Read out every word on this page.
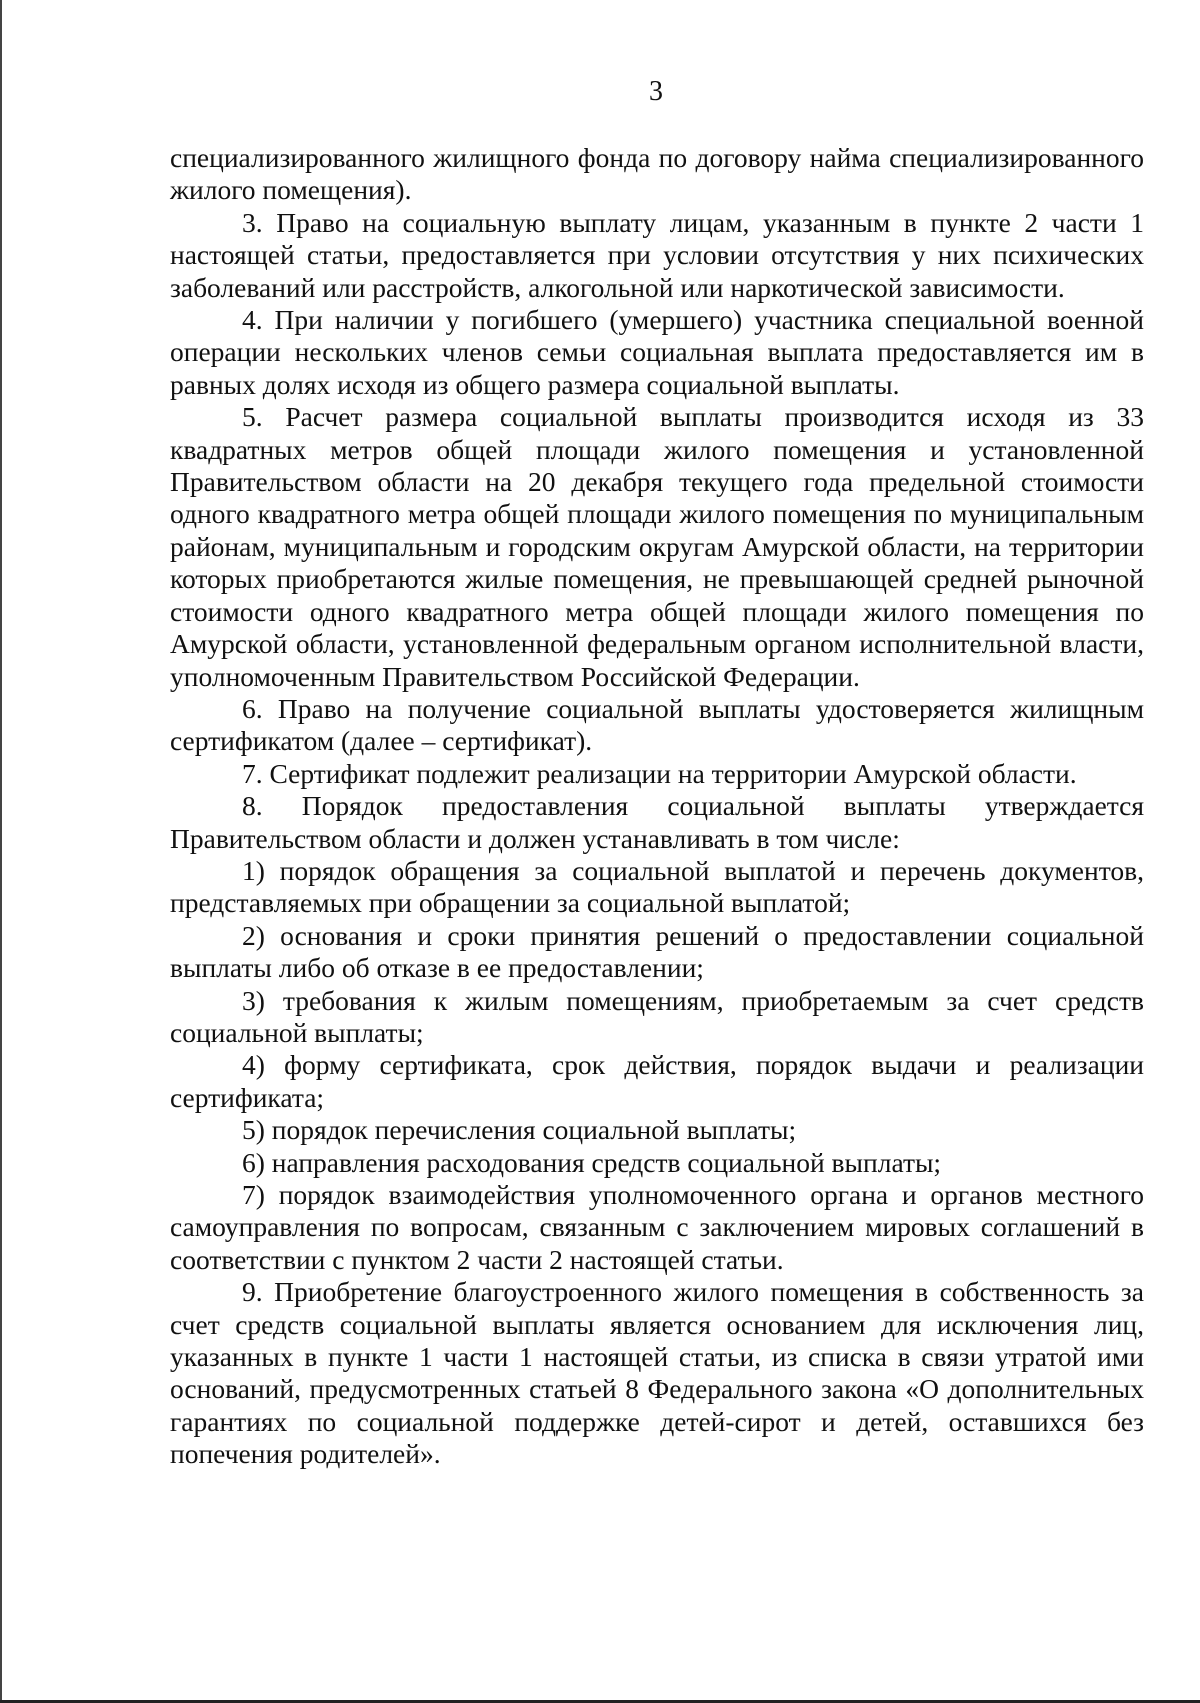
3

специализированного жилищного фонда по договору найма специализированного жилого помещения).

3. Право на социальную выплату лицам, указанным в пункте 2 части 1 настоящей статьи, предоставляется при условии отсутствия у них психических заболеваний или расстройств, алкогольной или наркотической зависимости.

4. При наличии у погибшего (умершего) участника специальной военной операции нескольких членов семьи социальная выплата предоставляется им в равных долях исходя из общего размера социальной выплаты.

5. Расчет размера социальной выплаты производится исходя из 33 квадратных метров общей площади жилого помещения и установленной Правительством области на 20 декабря текущего года предельной стоимости одного квадратного метра общей площади жилого помещения по муниципальным районам, муниципальным и городским округам Амурской области, на территории которых приобретаются жилые помещения, не превышающей средней рыночной стоимости одного квадратного метра общей площади жилого помещения по Амурской области, установленной федеральным органом исполнительной власти, уполномоченным Правительством Российской Федерации.

6. Право на получение социальной выплаты удостоверяется жилищным сертификатом (далее – сертификат).

7. Сертификат подлежит реализации на территории Амурской области.

8. Порядок предоставления социальной выплаты утверждается Правительством области и должен устанавливать в том числе:

1) порядок обращения за социальной выплатой и перечень документов, представляемых при обращении за социальной выплатой;

2) основания и сроки принятия решений о предоставлении социальной выплаты либо об отказе в ее предоставлении;

3) требования к жилым помещениям, приобретаемым за счет средств социальной выплаты;

4) форму сертификата, срок действия, порядок выдачи и реализации сертификата;

5) порядок перечисления социальной выплаты;

6) направления расходования средств социальной выплаты;

7) порядок взаимодействия уполномоченного органа и органов местного самоуправления по вопросам, связанным с заключением мировых соглашений в соответствии с пунктом 2 части 2 настоящей статьи.

9. Приобретение благоустроенного жилого помещения в собственность за счет средств социальной выплаты является основанием для исключения лиц, указанных в пункте 1 части 1 настоящей статьи, из списка в связи утратой ими оснований, предусмотренных статьей 8 Федерального закона «О дополнительных гарантиях по социальной поддержке детей-сирот и детей, оставшихся без попечения родителей».
